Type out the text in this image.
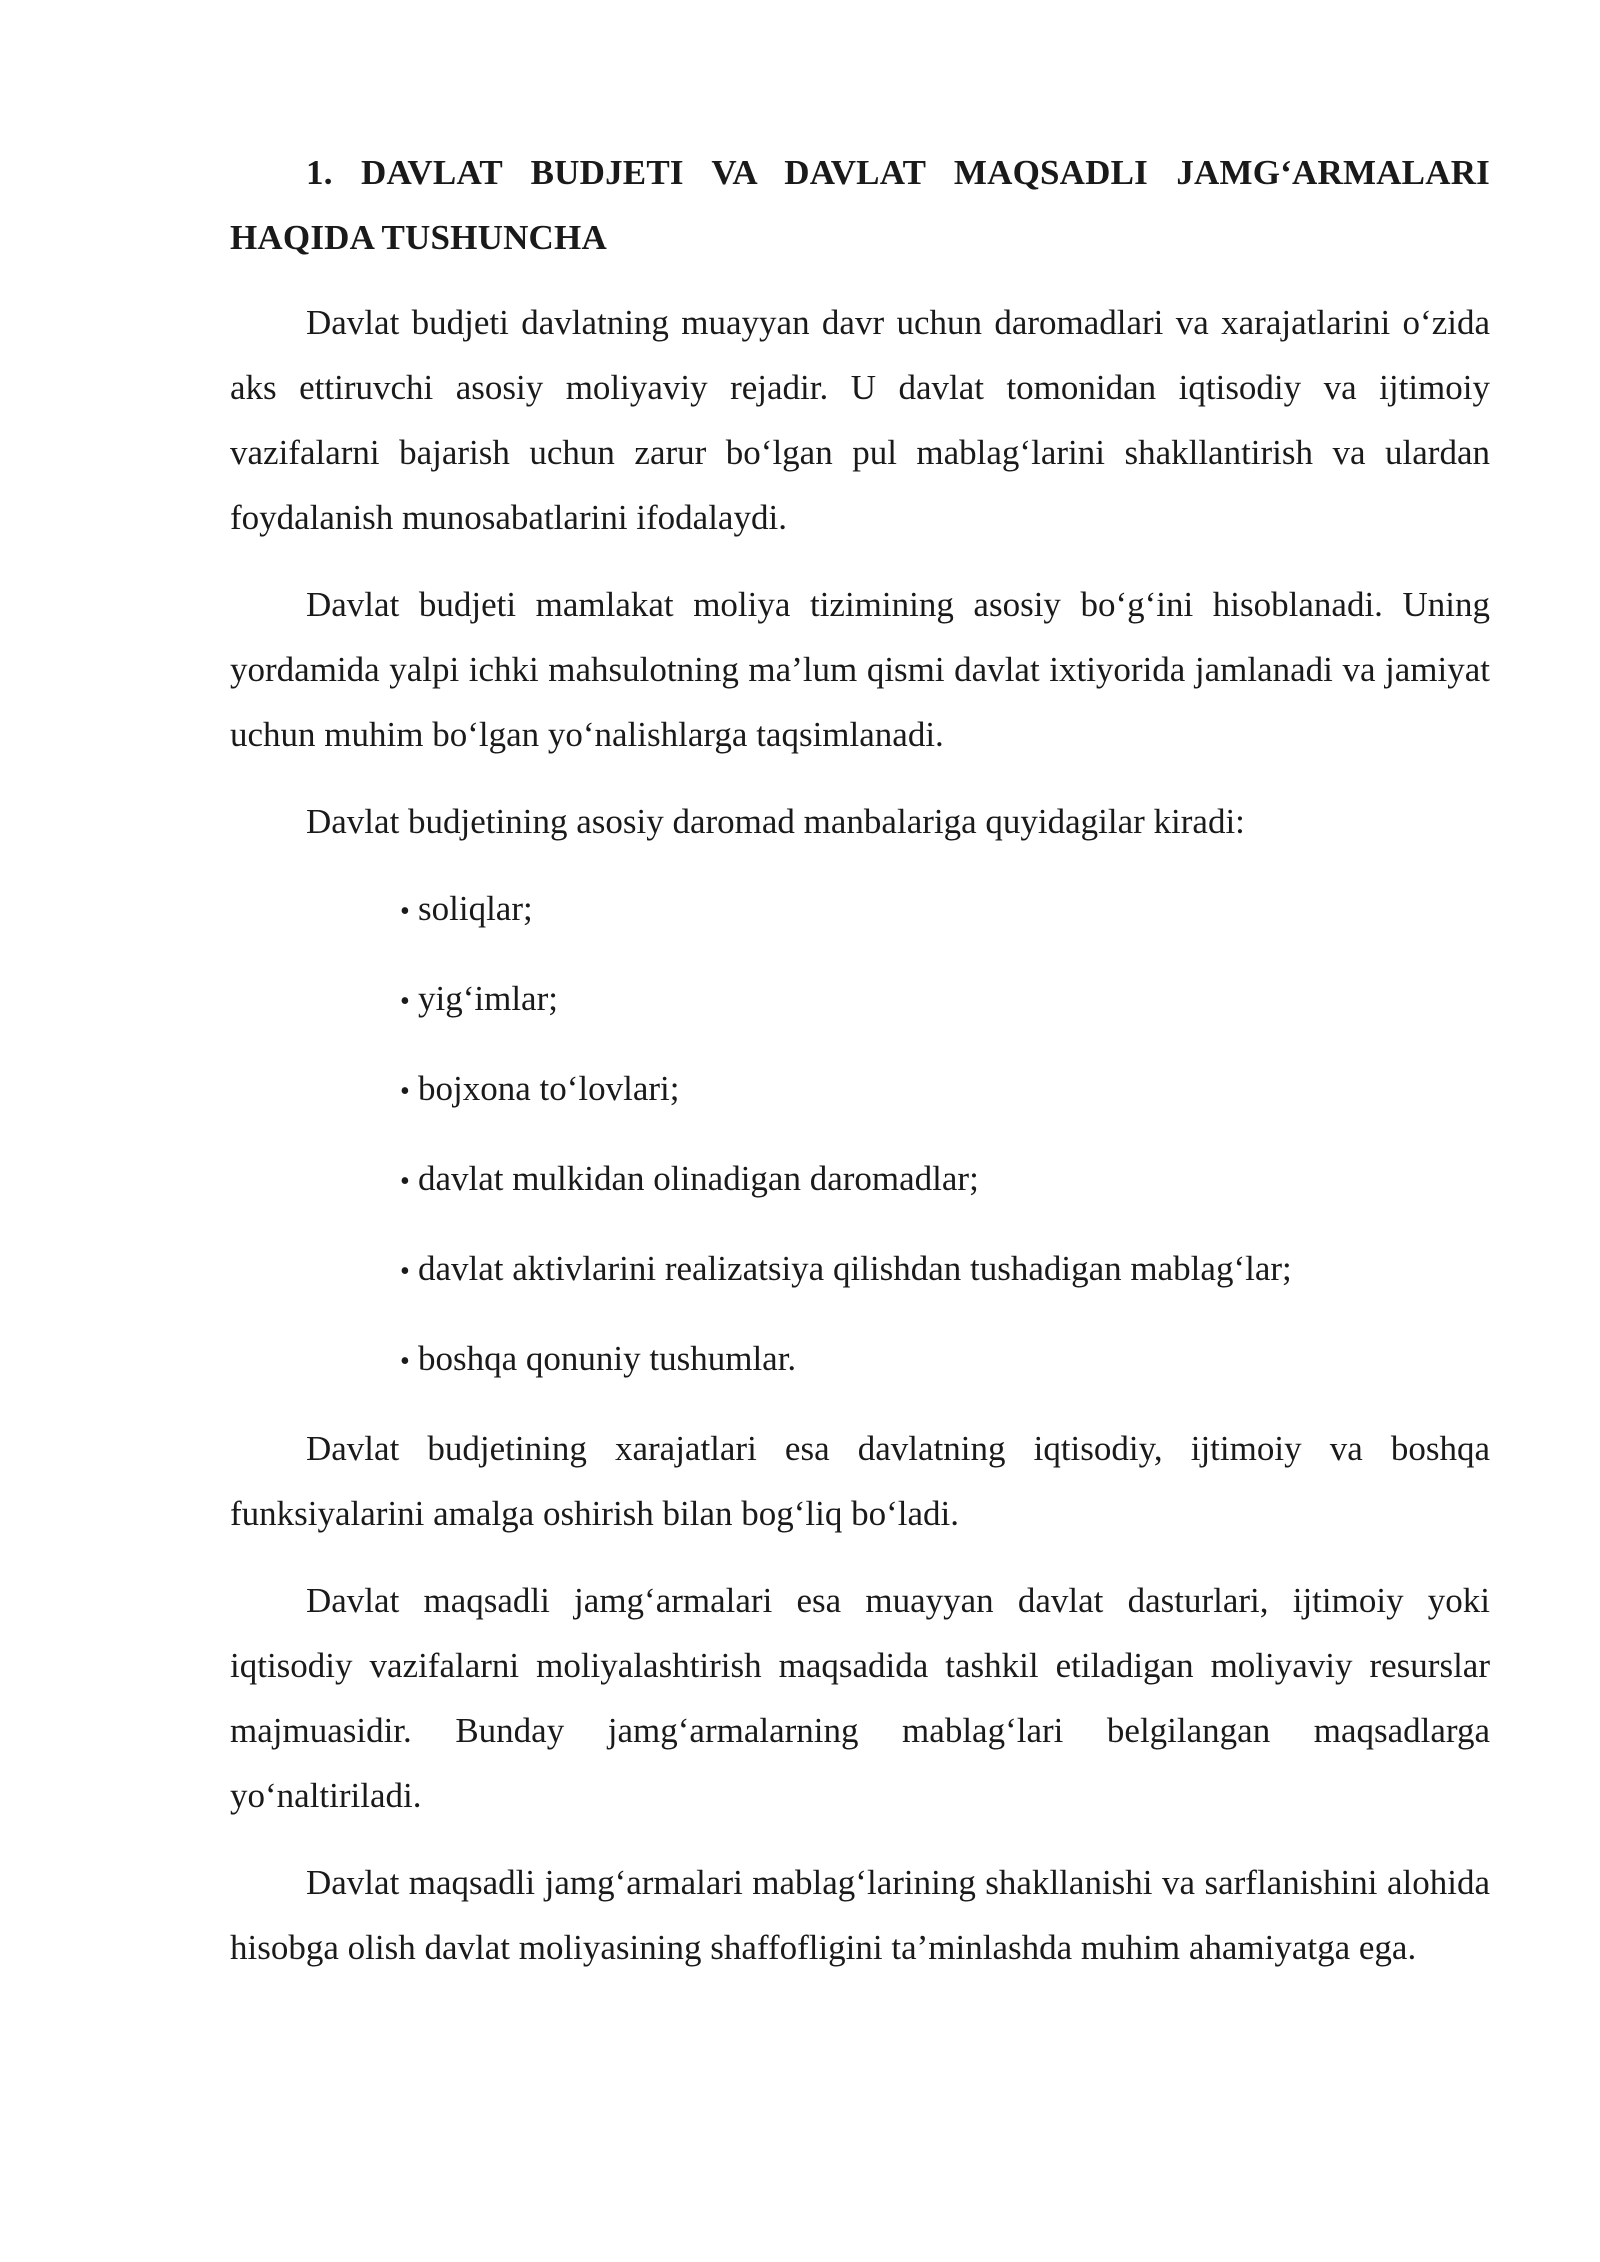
1. DAVLAT BUDJETI VA DAVLAT MAQSADLI JAMG‘ARMALARI HAQIDA TUSHUNCHA

Davlat budjeti davlatning muayyan davr uchun daromadlari va xarajatlarini o‘zida aks ettiruvchi asosiy moliyaviy rejadir. U davlat tomonidan iqtisodiy va ijtimoiy vazifalarni bajarish uchun zarur bo‘lgan pul mablag‘larini shakllantirish va ulardan foydalanish munosabatlarini ifodalaydi.

Davlat budjeti mamlakat moliya tizimining asosiy bo‘g‘ini hisoblanadi. Uning yordamida yalpi ichki mahsulotning ma’lum qismi davlat ixtiyorida jamlanadi va jamiyat uchun muhim bo‘lgan yo‘nalishlarga taqsimlanadi.

Davlat budjetining asosiy daromad manbalariga quyidagilar kiradi:

• soliqlar;
• yig‘imlar;
• bojxona to‘lovlari;
• davlat mulkidan olinadigan daromadlar;
• davlat aktivlarini realizatsiya qilishdan tushadigan mablag‘lar;
• boshqa qonuniy tushumlar.

Davlat budjetining xarajatlari esa davlatning iqtisodiy, ijtimoiy va boshqa funksiyalarini amalga oshirish bilan bog‘liq bo‘ladi.

Davlat maqsadli jamg‘armalari esa muayyan davlat dasturlari, ijtimoiy yoki iqtisodiy vazifalarni moliyalashtirish maqsadida tashkil etiladigan moliyaviy resurslar majmuasidir. Bunday jamg‘armalarning mablag‘lari belgilangan maqsadlarga yo‘naltiriladi.

Davlat maqsadli jamg‘armalari mablag‘larining shakllanishi va sarflanishini alohida hisobga olish davlat moliyasining shaffofligini ta’minlashda muhim ahamiyatga ega.
